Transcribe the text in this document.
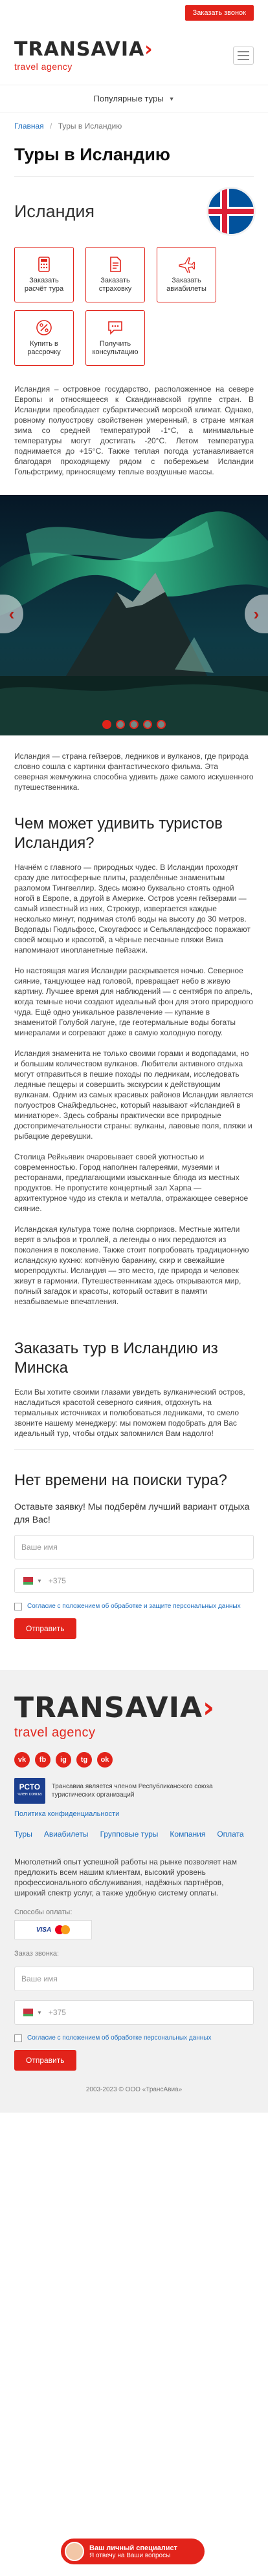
Заказать звонок
TRANSAVIA›
travel agency
Популярные туры ▼
Главная / Туры в Исландию
Туры в Исландию
Исландия
Заказать расчёт тура
Заказать страховку
Заказать авиабилеты
Купить в рассрочку
Получить консультацию

Исландия – островное государство, расположенное на севере Европы и относящееся к Скандинавской группе стран. В Исландии преобладает субарктический морской климат. Однако, ровному полуострову свойственен умеренный, в стране мягкая зима со средней температурой -1°C, а минимальные температуры могут достигать -20°C. Летом температура поднимается до +15°C. Также теплая погода устанавливается благодаря проходящему рядом с побережьем Исландии Гольфстриму, приносящему теплые воздушные массы.

‹	›

Исландия — страна гейзеров, ледников и вулканов, где природа словно сошла с картинки фантастического фильма. Эта северная жемчужина способна удивить даже самого искушенного путешественника.

Чем может удивить туристов Исландия?

Начнём с главного — природных чудес. В Исландии проходят сразу две литосферные плиты, разделённые знаменитым разломом Тингвеллир. Здесь можно буквально стоять одной ногой в Европе, а другой в Америке. Остров усеян гейзерами — самый известный из них, Строккур, извергается каждые несколько минут, поднимая столб воды на высоту до 30 метров. Водопады Гюдльфосс, Скоугафосс и Сельяландсфосс поражают своей мощью и красотой, а чёрные песчаные пляжи Вика напоминают инопланетные пейзажи.

Но настоящая магия Исландии раскрывается ночью. Северное сияние, танцующее над головой, превращает небо в живую картину. Лучшее время для наблюдений — с сентября по апрель, когда темные ночи создают идеальный фон для этого природного чуда. Ещё одно уникальное развлечение — купание в знаменитой Голубой лагуне, где геотермальные воды богаты минералами и согревают даже в самую холодную погоду.

Исландия знаменита не только своими горами и водопадами, но и большим количеством вулканов. Любители активного отдыха могут отправиться в пешие походы по ледникам, исследовать ледяные пещеры и совершить экскурсии к действующим вулканам. Одним из самых красивых районов Исландии является полуостров Снайфедльснес, который называют «Исландией в миниатюре». Здесь собраны практически все природные достопримечательности страны: вулканы, лавовые поля, пляжи и рыбацкие деревушки.

Столица Рейкьявик очаровывает своей уютностью и современностью. Город наполнен галереями, музеями и ресторанами, предлагающими изысканные блюда из местных продуктов. Не пропустите концертный зал Харпа — архитектурное чудо из стекла и металла, отражающее северное сияние.

Исландская культура тоже полна сюрпризов. Местные жители верят в эльфов и троллей, а легенды о них передаются из поколения в поколение. Также стоит попробовать традиционную исландскую кухню: копчёную баранину, скир и свежайшие морепродукты. Исландия — это место, где природа и человек живут в гармонии. Путешественникам здесь открываются мир, полный загадок и красоты, который оставит в памяти незабываемые впечатления.

Заказать тур в Исландию из Минска

Если Вы хотите своими глазами увидеть вулканический остров, насладиться красотой северного сияния, отдохнуть на термальных источниках и полюбоваться ледниками, то смело звоните нашему менеджеру: мы поможем подобрать для Вас идеальный тур, чтобы отдых запомнился Вам надолго!

Нет времени на поиски тура?
Оставьте заявку! Мы подберём лучший вариант отдыха для Вас!
Ваше имя
▼ +375
Согласие с положением об обработке и защите персональных данных
Отправить
TRANSAVIA›
travel agency
vk	fb	ig	tg	ok
РСТО
член союза
Трансавиа является членом Республиканского союза туристических организаций
Политика конфиденциальности
Туры Авиабилеты Групповые туры Компания Оплата

Многолетний опыт успешной работы на рынке позволяет нам предложить всем нашим клиентам, высокий уровень профессионального обслуживания, надёжных партнёров, широкий спектр услуг, а также удобную систему оплаты.

Способы оплаты:
VISA
Заказ звонка:
Ваше имя
▼ +375
Согласие с положением об обработке персональных данных
Отправить
2003-2023 © ООО «ТрансАвиа»
Ваш личный специалист
Я отвечу на Ваши вопросы
